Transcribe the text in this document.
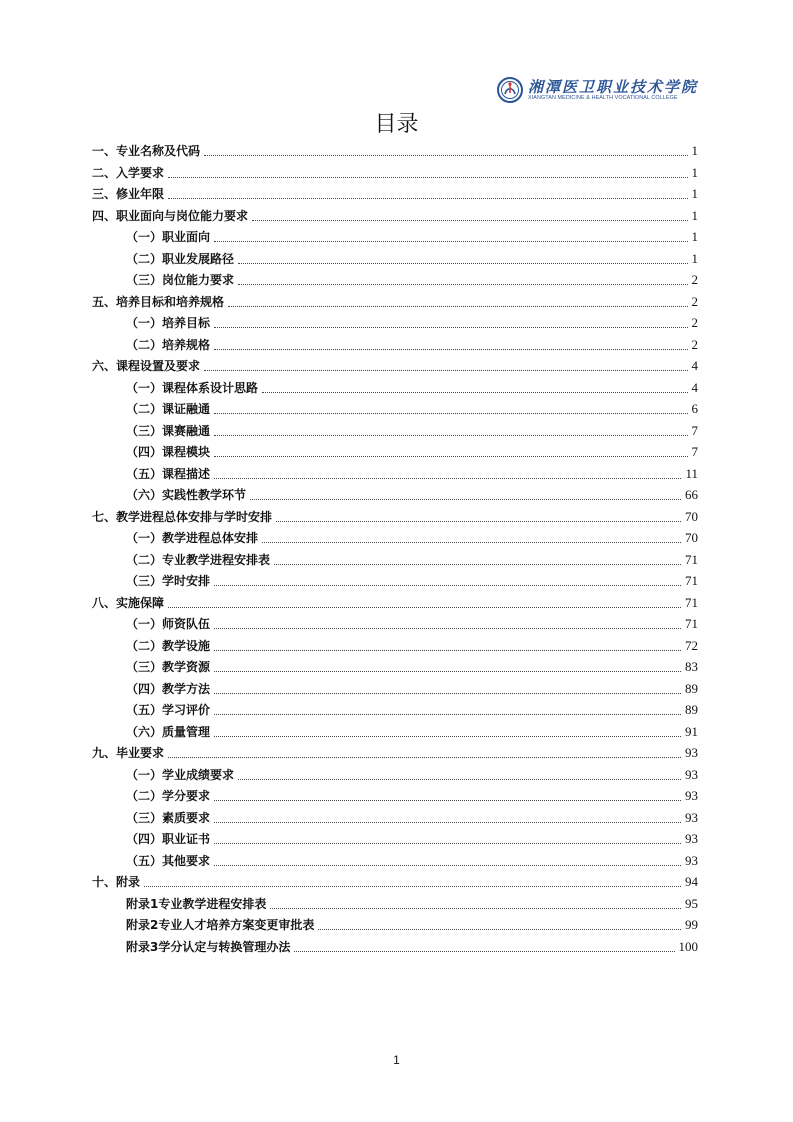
湘潭医卫职业技术学院
XIANGTAN MEDICINE & HEALTH VOCATIONAL COLLEGE
目录
一、专业名称及代码	1
二、入学要求	1
三、修业年限	1
四、职业面向与岗位能力要求	1
（一）职业面向	1
（二）职业发展路径	1
（三）岗位能力要求	2
五、培养目标和培养规格	2
（一）培养目标	2
（二）培养规格	2
六、课程设置及要求	4
（一）课程体系设计思路	4
（二）课证融通	6
（三）课赛融通	7
（四）课程模块	7
（五）课程描述	11
（六）实践性教学环节	66
七、教学进程总体安排与学时安排	70
（一）教学进程总体安排	70
（二）专业教学进程安排表	71
（三）学时安排	71
八、实施保障	71
（一）师资队伍	71
（二）教学设施	72
（三）教学资源	83
（四）教学方法	89
（五）学习评价	89
（六）质量管理	91
九、毕业要求	93
（一）学业成绩要求	93
（二）学分要求	93
（三）素质要求	93
（四）职业证书	93
（五）其他要求	93
十、附录	94
附录1专业教学进程安排表	95
附录2专业人才培养方案变更审批表	99
附录3学分认定与转换管理办法	100
1
